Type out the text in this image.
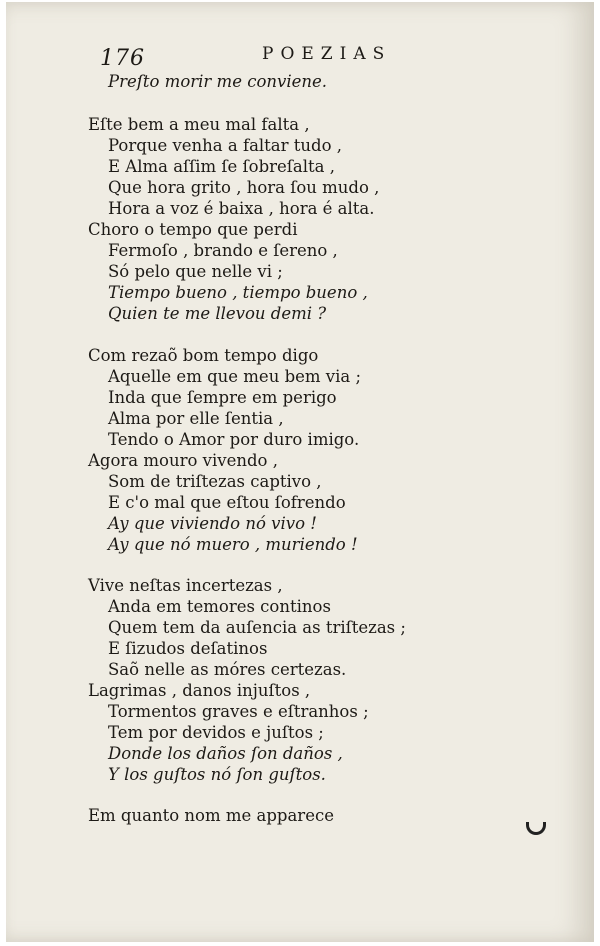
176	POEZIAS
Preſto morir me conviene.
Eſte bem a meu mal falta ,
Porque venha a faltar tudo ,
E Alma aſſim ſe ſobreſalta ,
Que hora grito , hora ſou mudo ,
Hora a voz é baixa , hora é alta.
Choro o tempo que perdi
Fermoſo , brando e ſereno ,
Só pelo que nelle vi ;
Tiempo bueno , tiempo bueno ,
Quien te me llevou demi ?
Com rezaõ bom tempo digo
Aquelle em que meu bem via ;
Inda que ſempre em perigo
Alma por elle ſentia ,
Tendo o Amor por duro imigo.
Agora mouro vivendo ,
Som de triſtezas captivo ,
E c'o mal que eſtou ſofrendo
Ay que viviendo nó vivo !
Ay que nó muero , muriendo !
Vive neſtas incertezas ,
Anda em temores continos
Quem tem da auſencia as triſtezas ;
E ſizudos deſatinos
Saõ nelle as móres certezas.
Lagrimas , danos injuſtos ,
Tormentos graves e eſtranhos ;
Tem por devidos e juſtos ;
Donde los daños ſon daños ,
Y los guſtos nó ſon guſtos.
Em quanto nom me apparece
